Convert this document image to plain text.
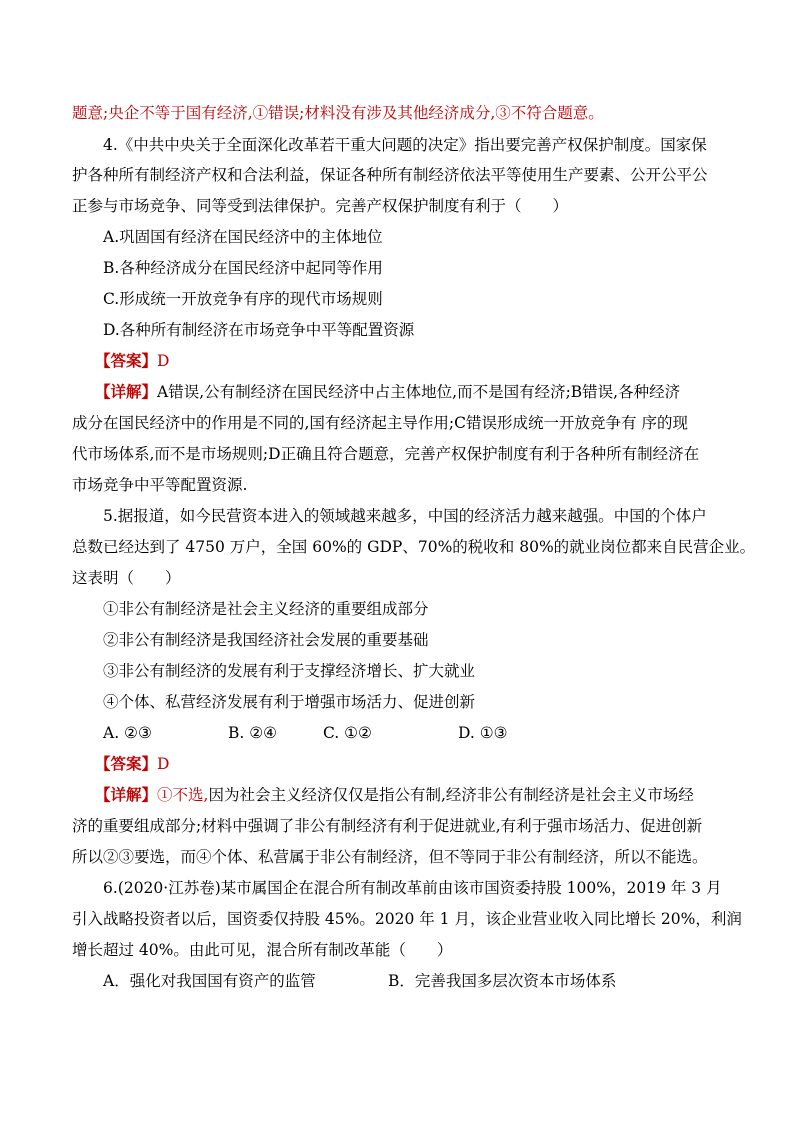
题意;央企不等于国有经济,①错误;材料没有涉及其他经济成分,③不符合题意。
4.《中共中央关于全面深化改革若干重大问题的决定》指出要完善产权保护制度。国家保
护各种所有制经济产权和合法利益，保证各种所有制经济依法平等使用生产要素、公开公平公
正参与市场竞争、同等受到法律保护。完善产权保护制度有利于（　　）
A.巩固国有经济在国民经济中的主体地位
B.各种经济成分在国民经济中起同等作用
C.形成统一开放竞争有序的现代市场规则
D.各种所有制经济在市场竞争中平等配置资源
【答案】D
【详解】A错误,公有制经济在国民经济中占主体地位,而不是国有经济;B错误,各种经济
成分在国民经济中的作用是不同的,国有经济起主导作用;C错误形成统一开放竞争有 序的现
代市场体系,而不是市场规则;D正确且符合题意，完善产权保护制度有利于各种所有制经济在
市场竞争中平等配置资源.
5.据报道，如今民营资本进入的领域越来越多，中国的经济活力越来越强。中国的个体户
总数已经达到了 4750 万户，全国 60%的 GDP、70%的税收和 80%的就业岗位都来自民营企业。
这表明（　　）
①非公有制经济是社会主义经济的重要组成部分
②非公有制经济是我国经济社会发展的重要基础
③非公有制经济的发展有利于支撑经济增长、扩大就业
④个体、私营经济发展有利于增强市场活力、促进创新
A. ②③	B. ②④	C. ①②	D. ①③
【答案】D
【详解】①不选,因为社会主义经济仅仅是指公有制,经济非公有制经济是社会主义市场经
济的重要组成部分;材料中强调了非公有制经济有利于促进就业,有利于强市场活力、促进创新
所以②③要选，而④个体、私营属于非公有制经济，但不等同于非公有制经济，所以不能选。
6.(2020·江苏卷)某市属国企在混合所有制改革前由该市国资委持股 100%，2019 年 3 月
引入战略投资者以后，国资委仅持股 45%。2020 年 1 月，该企业营业收入同比增长 20%，利润
增长超过 40%。由此可见，混合所有制改革能（　　）
A．强化对我国国有资产的监管	B．完善我国多层次资本市场体系
